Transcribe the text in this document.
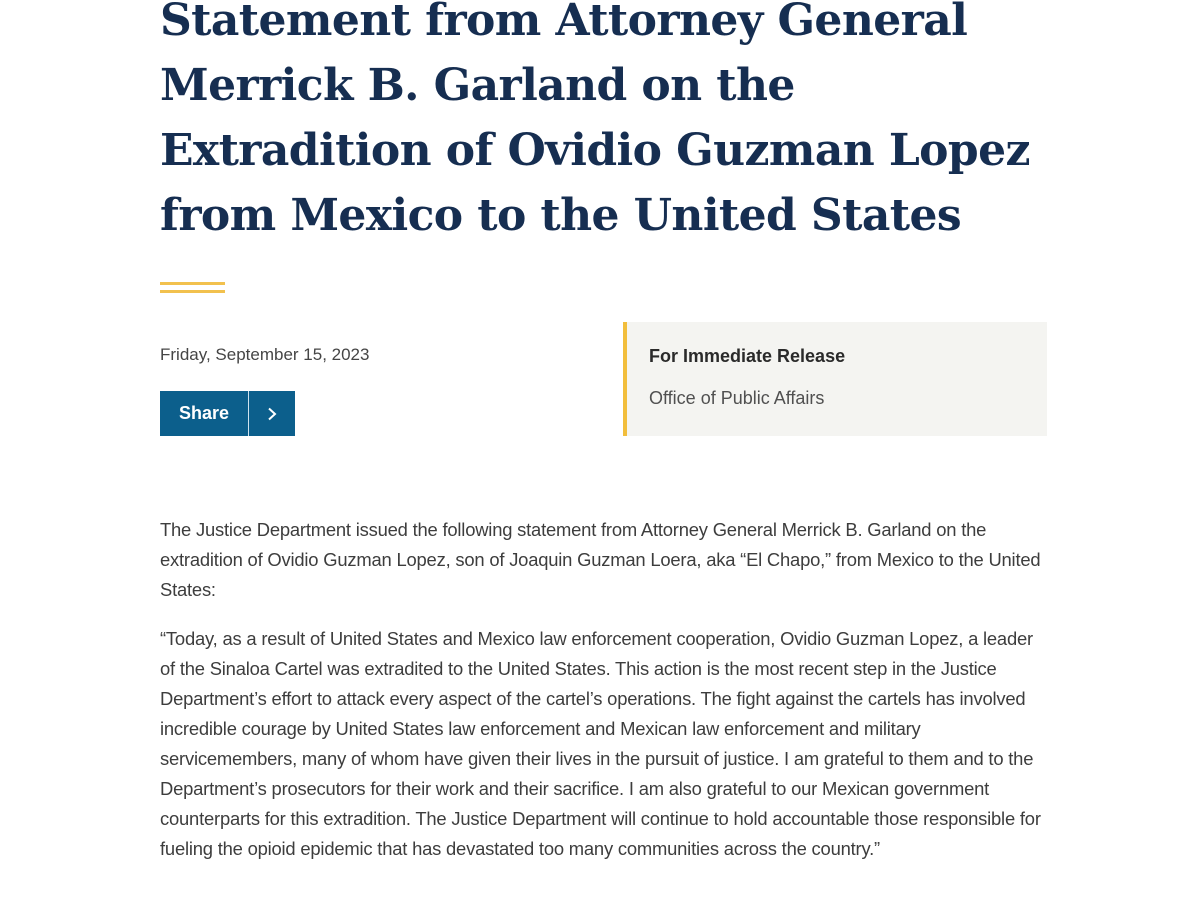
Statement from Attorney General Merrick B. Garland on the Extradition of Ovidio Guzman Lopez from Mexico to the United States
Friday, September 15, 2023
Share
For Immediate Release
Office of Public Affairs

The Justice Department issued the following statement from Attorney General Merrick B. Garland on the extradition of Ovidio Guzman Lopez, son of Joaquin Guzman Loera, aka “El Chapo,” from Mexico to the United States:

“Today, as a result of United States and Mexico law enforcement cooperation, Ovidio Guzman Lopez, a leader of the Sinaloa Cartel was extradited to the United States. This action is the most recent step in the Justice Department’s effort to attack every aspect of the cartel’s operations. The fight against the cartels has involved incredible courage by United States law enforcement and Mexican law enforcement and military servicemembers, many of whom have given their lives in the pursuit of justice. I am grateful to them and to the Department’s prosecutors for their work and their sacrifice. I am also grateful to our Mexican government counterparts for this extradition. The Justice Department will continue to hold accountable those responsible for fueling the opioid epidemic that has devastated too many communities across the country.”
